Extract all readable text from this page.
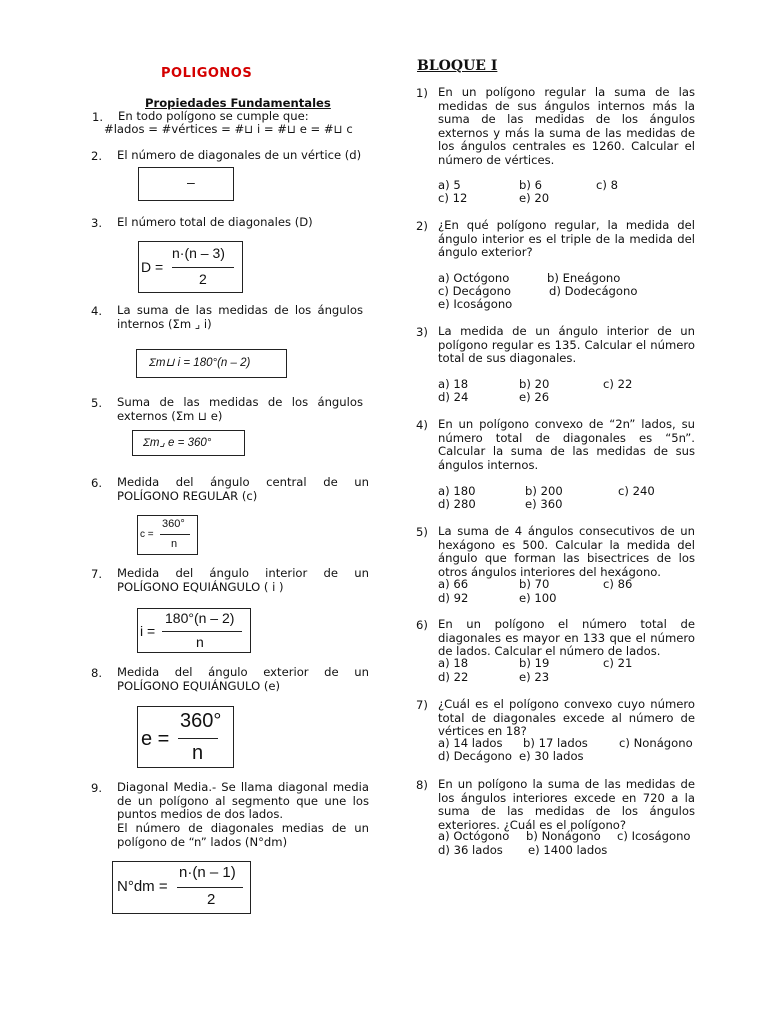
POLIGONOS
Propiedades Fundamentales
1. En todo polígono se cumple que:
#lados = #vértices = #⊔ i = #⊔ e = #⊔ c
2. El número de diagonales de un vértice (d)
–
3. El número total de diagonales (D)
D =
n·(n – 3)
2
4. La suma de las medidas de los ángulos internos (Σm ⌟ i)
Σm⊔ i = 180°(n – 2)
5. Suma de las medidas de los ángulos externos (Σm ⊔ e)
Σm⌟ e = 360°
6. Medida del ángulo central de un POLÍGONO REGULAR (c)
c =
360°
n
7. Medida del ángulo interior de un POLÍGONO EQUIÁNGULO ( i )
i =
180°(n – 2)
n
8. Medida del ángulo exterior de un POLÍGONO EQUIÁNGULO (e)
e =
360°
n
9. Diagonal Media.- Se llama diagonal media de un polígono al segmento que une los puntos medios de dos lados.
El número de diagonales medias de un polígono de “n” lados (N°dm)
N°dm =
n·(n – 1)
2
BLOQUE I
1) En un polígono regular la suma de las medidas de sus ángulos internos más la suma de las medidas de los ángulos externos y más la suma de las medidas de los ángulos centrales es 1260. Calcular el número de vértices.
a) 5	b) 6	c) 8
c) 12	e) 20
2) ¿En qué polígono regular, la medida del ángulo interior es el triple de la medida del ángulo exterior?
a) Octógono	b) Eneágono
c) Decágono	d) Dodecágono
e) Icoságono
3) La medida de un ángulo interior de un polígono regular es 135. Calcular el número total de sus diagonales.
a) 18	b) 20	c) 22
d) 24	e) 26
4) En un polígono convexo de “2n” lados, su número total de diagonales es “5n”. Calcular la suma de las medidas de sus ángulos internos.
a) 180	b) 200	c) 240
d) 280	e) 360
5) La suma de 4 ángulos consecutivos de un hexágono es 500. Calcular la medida del ángulo que forman las bisectrices de los otros ángulos interiores del hexágono.
a) 66	b) 70	c) 86
d) 92	e) 100
6) En un polígono el número total de diagonales es mayor en 133 que el número de lados. Calcular el número de lados.
a) 18	b) 19	c) 21
d) 22	e) 23
7) ¿Cuál es el polígono convexo cuyo número total de diagonales excede al número de vértices en 18?
a) 14 lados b) 17 lados	c) Nonágono
d) Decágono e) 30 lados
8) En un polígono la suma de las medidas de los ángulos interiores excede en 720 a la suma de las medidas de los ángulos exteriores. ¿Cuál es el polígono?
a) Octógono b) Nonágono c) Icoságono
d) 36 lados e) 1400 lados
